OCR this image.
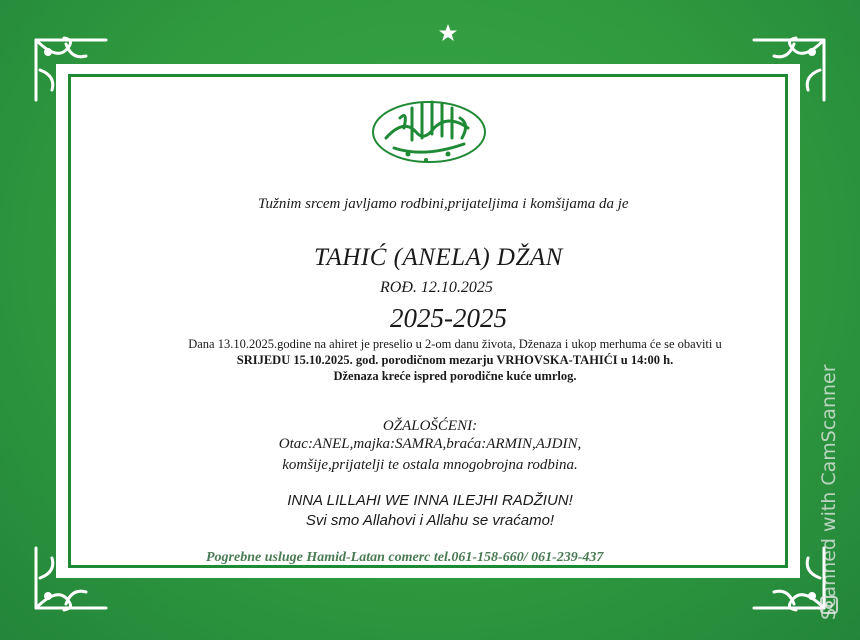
Tužnim srcem javljamo rodbini,prijateljima i komšijama da je
TAHIĆ (ANELA) DŽAN
ROĐ. 12.10.2025
2025-2025
Dana 13.10.2025.godine na ahiret je preselio u 2-om danu života, Dženaza i ukop merhuma će se obaviti u
SRIJEDU 15.10.2025. god. porodičnom mezarju VRHOVSKA-TAHIĆI u 14:00 h.
Dženaza kreće ispred porodične kuće umrlog.
OŽALOŠĆENI:
Otac:ANEL,majka:SAMRA,braća:ARMIN,AJDIN,
komšije,prijatelji te ostala mnogobrojna rodbina.
INNA LILLAHI WE INNA ILEJHI RADŽIUN!
Svi smo Allahovi i Allahu se vraćamo!
Pogrebne usluge Hamid-Latan comerc tel.061-158-660/ 061-239-437	Scanned with CamScanner
